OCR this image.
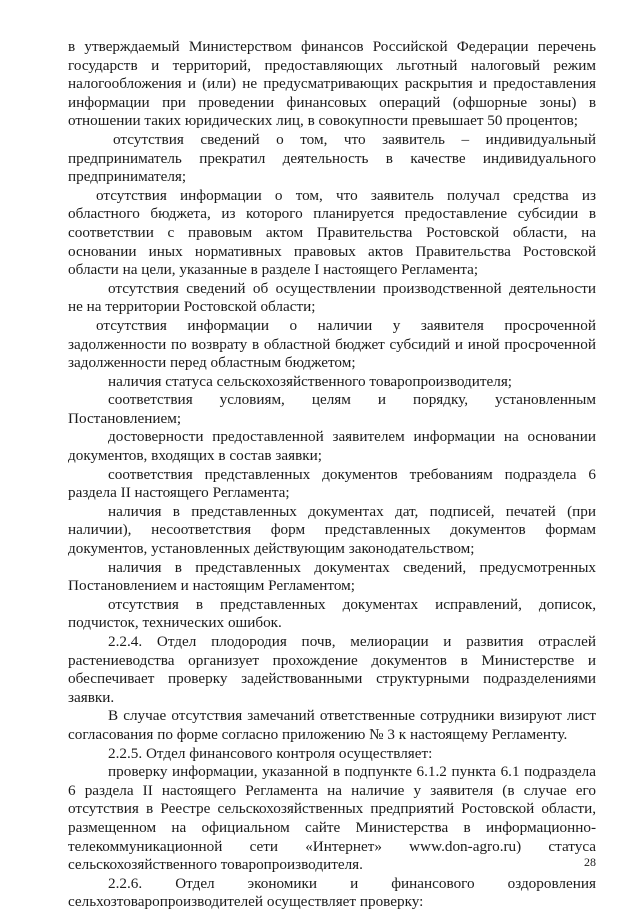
в утверждаемый Министерством финансов Российской Федерации перечень государств и территорий, предоставляющих льготный налоговый режим налогообложения и (или) не предусматривающих раскрытия и предоставления информации при проведении финансовых операций (офшорные зоны) в отношении таких юридических лиц, в совокупности превышает 50 процентов;

отсутствия сведений о том, что заявитель – индивидуальный предприниматель прекратил деятельность в качестве индивидуального предпринимателя;

отсутствия информации о том, что заявитель получал средства из областного бюджета, из которого планируется предоставление субсидии в соответствии с правовым актом Правительства Ростовской области, на основании иных нормативных правовых актов Правительства Ростовской области на цели, указанные в разделе I настоящего Регламента;

отсутствия сведений об осуществлении производственной деятельности не на территории Ростовской области;

отсутствия информации о наличии у заявителя просроченной задолженности по возврату в областной бюджет субсидий и иной просроченной задолженности перед областным бюджетом;

наличия статуса сельскохозяйственного товаропроизводителя;

соответствия условиям, целям и порядку, установленным Постановлением;

достоверности предоставленной заявителем информации на основании документов, входящих в состав заявки;

соответствия представленных документов требованиям подраздела 6 раздела II настоящего Регламента;

наличия в представленных документах дат, подписей, печатей (при наличии), несоответствия форм представленных документов формам документов, установленных действующим законодательством;

наличия в представленных документах сведений, предусмотренных Постановлением и настоящим Регламентом;

отсутствия в представленных документах исправлений, дописок, подчисток, технических ошибок.

2.2.4. Отдел плодородия почв, мелиорации и развития отраслей растениеводства организует прохождение документов в Министерстве и обеспечивает проверку задействованными структурными подразделениями заявки.

В случае отсутствия замечаний ответственные сотрудники визируют лист согласования по форме согласно приложению № 3 к настоящему Регламенту.

2.2.5. Отдел финансового контроля осуществляет:

проверку информации, указанной в подпункте 6.1.2 пункта 6.1 подраздела 6 раздела II настоящего Регламента на наличие у заявителя (в случае его отсутствия в Реестре сельскохозяйственных предприятий Ростовской области, размещенном на официальном сайте Министерства в информационно-телекоммуникационной сети «Интернет» www.don-agro.ru) статуса сельскохозяйственного товаропроизводителя.

2.2.6. Отдел экономики и финансового оздоровления сельхозтоваропроизводителей осуществляет проверку:

28
